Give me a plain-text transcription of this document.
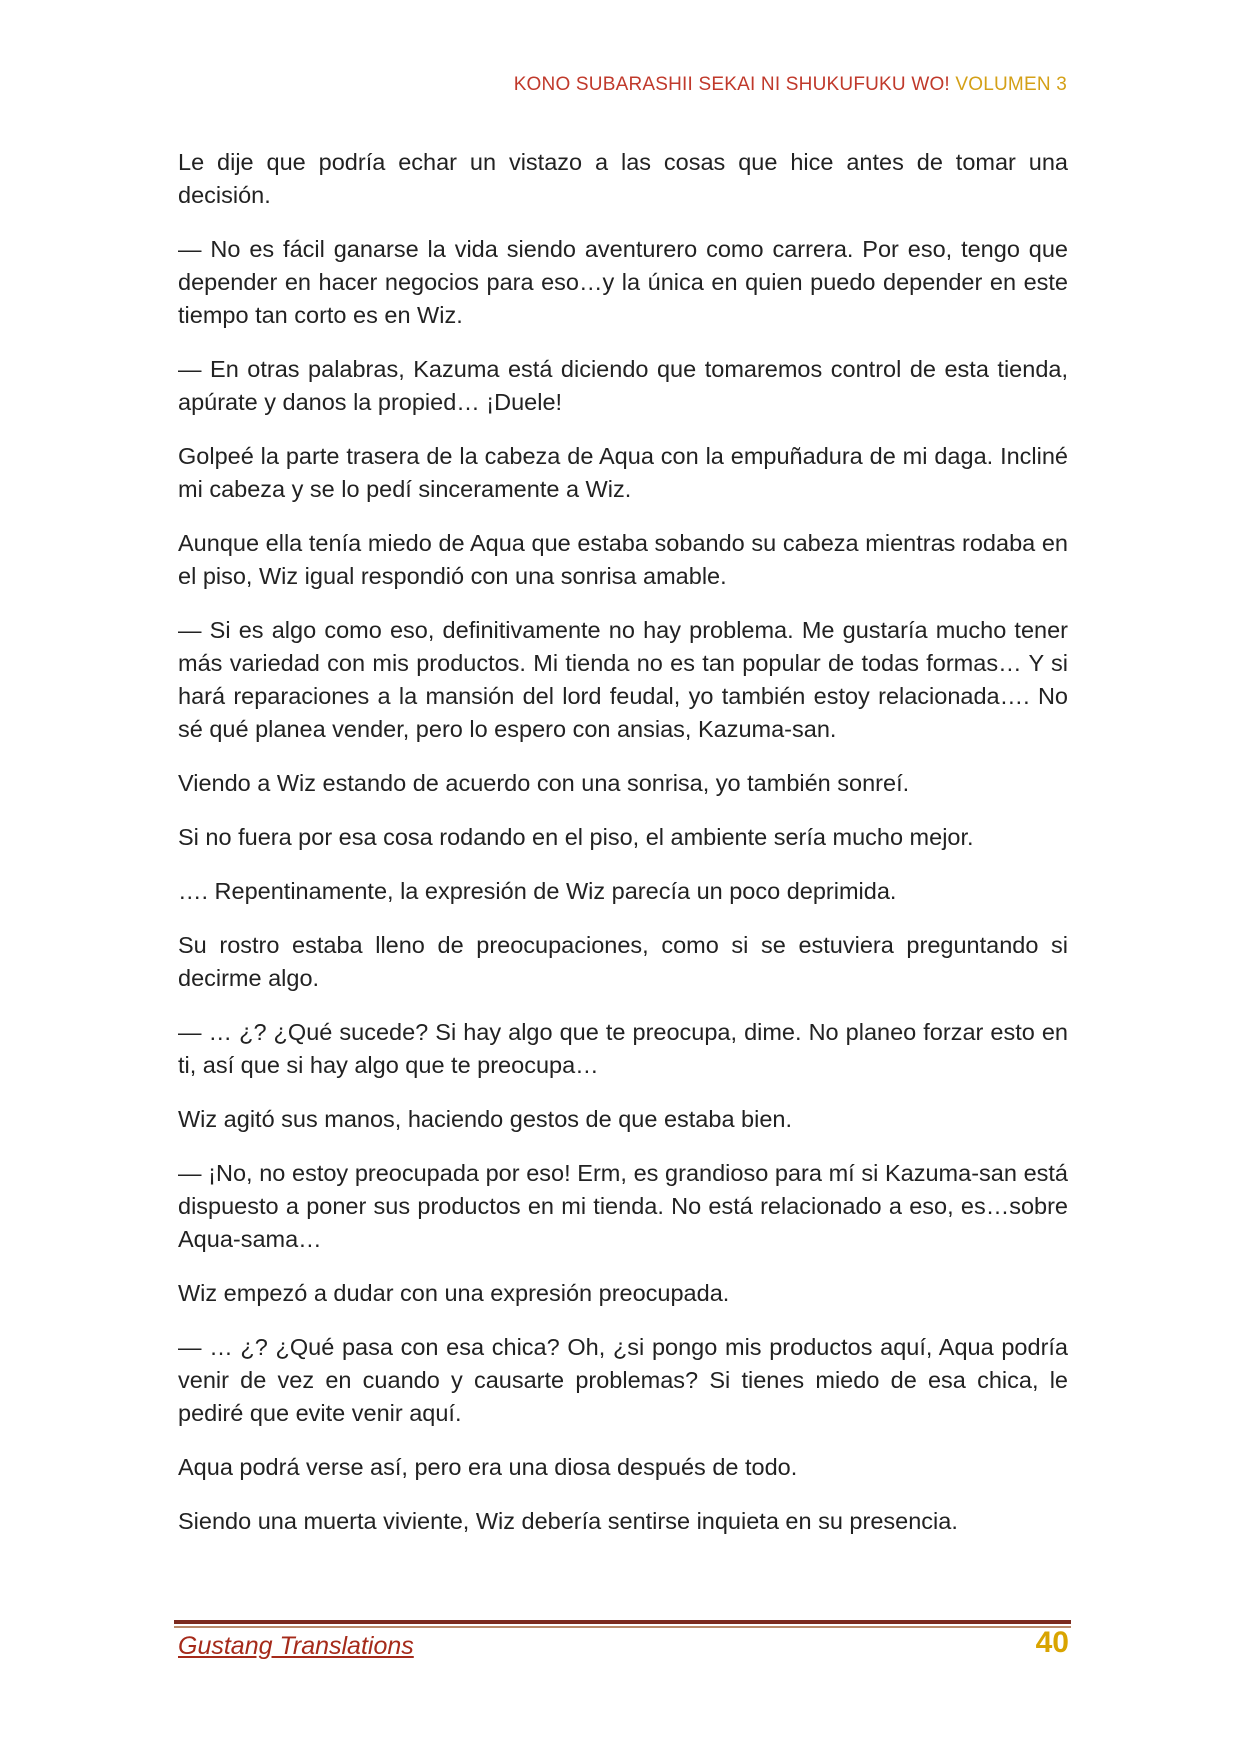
KONO SUBARASHII SEKAI NI SHUKUFUKU WO! VOLUMEN 3

Le dije que podría echar un vistazo a las cosas que hice antes de tomar una decisión.

— No es fácil ganarse la vida siendo aventurero como carrera. Por eso, tengo que depender en hacer negocios para eso…y la única en quien puedo depender en este tiempo tan corto es en Wiz.

— En otras palabras, Kazuma está diciendo que tomaremos control de esta tienda, apúrate y danos la propied… ¡Duele!

Golpeé la parte trasera de la cabeza de Aqua con la empuñadura de mi daga. Incliné mi cabeza y se lo pedí sinceramente a Wiz.

Aunque ella tenía miedo de Aqua que estaba sobando su cabeza mientras rodaba en el piso, Wiz igual respondió con una sonrisa amable.

— Si es algo como eso, definitivamente no hay problema. Me gustaría mucho tener más variedad con mis productos. Mi tienda no es tan popular de todas formas… Y si hará reparaciones a la mansión del lord feudal, yo también estoy relacionada…. No sé qué planea vender, pero lo espero con ansias, Kazuma-san.

Viendo a Wiz estando de acuerdo con una sonrisa, yo también sonreí.

Si no fuera por esa cosa rodando en el piso, el ambiente sería mucho mejor.

…. Repentinamente, la expresión de Wiz parecía un poco deprimida.

Su rostro estaba lleno de preocupaciones, como si se estuviera preguntando si decirme algo.

— … ¿? ¿Qué sucede? Si hay algo que te preocupa, dime. No planeo forzar esto en ti, así que si hay algo que te preocupa…

Wiz agitó sus manos, haciendo gestos de que estaba bien.

— ¡No, no estoy preocupada por eso! Erm, es grandioso para mí si Kazuma-san está dispuesto a poner sus productos en mi tienda. No está relacionado a eso, es…sobre Aqua-sama…

Wiz empezó a dudar con una expresión preocupada.

— … ¿? ¿Qué pasa con esa chica? Oh, ¿si pongo mis productos aquí, Aqua podría venir de vez en cuando y causarte problemas? Si tienes miedo de esa chica, le pediré que evite venir aquí.

Aqua podrá verse así, pero era una diosa después de todo.

Siendo una muerta viviente, Wiz debería sentirse inquieta en su presencia.

Gustang Translations	40
